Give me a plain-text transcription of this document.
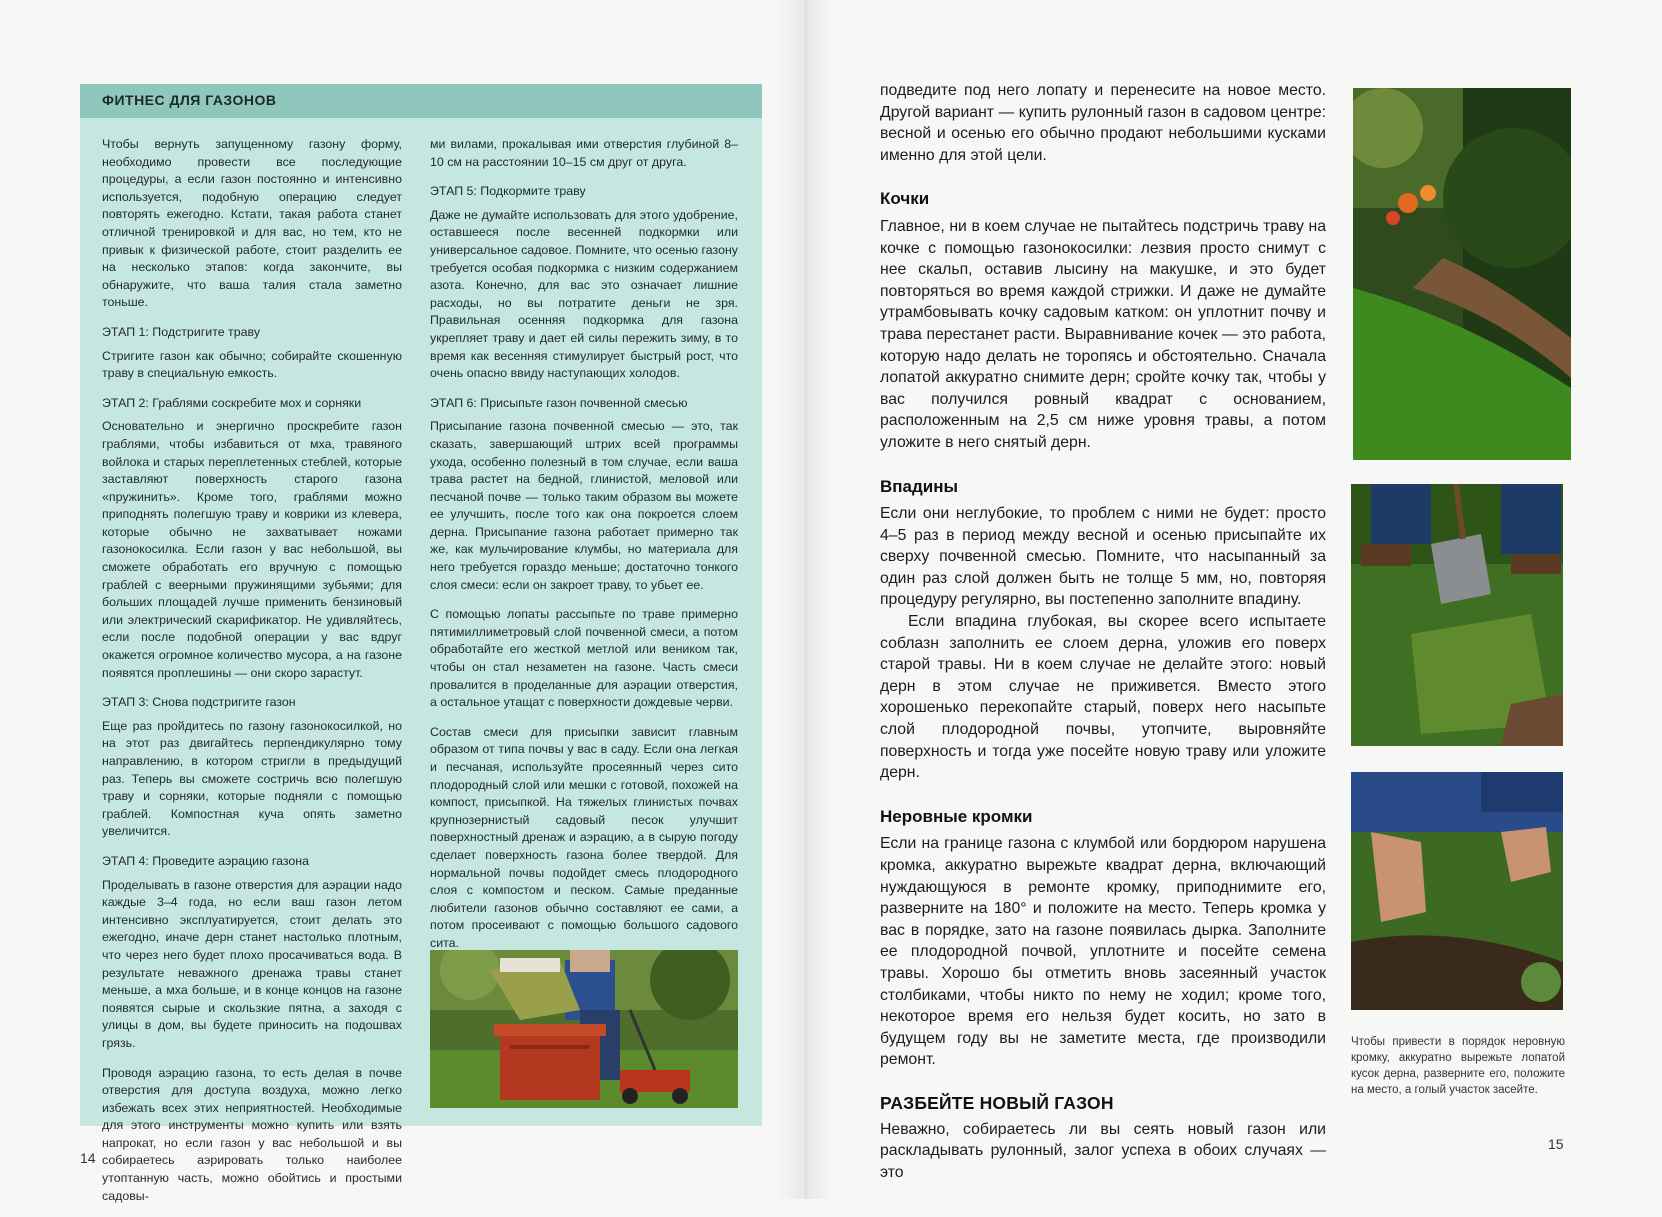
ФИТНЕС ДЛЯ ГАЗОНОВ

Чтобы вернуть запущенному газону форму, необходимо провести все последующие процедуры, а если газон постоянно и интенсивно используется, подобную операцию следует повторять ежегодно. Кстати, такая работа станет отличной тренировкой и для вас, но тем, кто не привык к физической работе, стоит разделить ее на несколько этапов: когда закончите, вы обнаружите, что ваша талия стала заметно тоньше.

ЭТАП 1: Подстригите траву

Стригите газон как обычно; собирайте скошенную траву в специальную емкость.

ЭТАП 2: Граблями соскребите мох и сорняки

Основательно и энергично прoскребите газон граблями, чтобы избавиться от мха, травяного войлока и старых переплетенных стеблей, которые заставляют поверхность старого газона «пружинить». Кроме того, граблями можно приподнять полегшую траву и коврики из клевера, которые обычно не захватывает ножами газонокосилка. Если газон у вас небольшой, вы сможете обработать его вручную с помощью граблей с веерными пружинящими зубьями; для больших площадей лучше применить бензиновый или электрический скарификатор. Не удивляйтесь, если после подобной операции у вас вдруг окажется огромное количество мусора, а на газоне появятся проплешины — они скоро зарастут.

ЭТАП 3: Снова подстригите газон

Еще раз пройдитесь по газону газонокосилкой, но на этот раз двигайтесь перпендикулярно тому направлению, в котором стригли в предыдущий раз. Теперь вы сможете состричь всю полегшую траву и сорняки, которые подняли с помощью граблей. Компостная куча опять заметно увеличится.

ЭТАП 4: Проведите аэрацию газона

Проделывать в газоне отверстия для аэрации надо каждые 3–4 года, но если ваш газон летом интенсивно эксплуатируется, стоит делать это ежегодно, иначе дерн станет настолько плотным, что через него будет плохо просачиваться вода. В результате неважного дренажа травы станет меньше, а мха больше, и в конце концов на газоне появятся сырые и скользкие пятна, а заходя с улицы в дом, вы будете приносить на подошвах грязь.

Проводя аэрацию газона, то есть делая в почве отверстия для доступа воздуха, можно легко избежать всех этих неприятностей. Необходимые для этого инструменты можно купить или взять напрокат, но если газон у вас небольшой и вы собираетесь аэрировать только наиболее утоптанную часть, можно обойтись и простыми садовы-

ми вилами, прокалывая ими отверстия глубиной 8–10 см на расстоянии 10–15 см друг от друга.

ЭТАП 5: Подкормите траву

Даже не думайте использовать для этого удобрение, оставшееся после весенней подкормки или универсальное садовое. Помните, что осенью газону требуется особая подкормка с низким содержанием азота. Конечно, для вас это означает лишние расходы, но вы потратите деньги не зря. Правильная осенняя подкормка для газона укрепляет траву и дает ей силы пережить зиму, в то время как весенняя стимулирует быстрый рост, что очень опасно ввиду наступающих холодов.

ЭТАП 6: Присыпьте газон почвенной смесью

Присыпание газона почвенной смесью — это, так сказать, завершающий штрих всей программы ухода, особенно полезный в том случае, если ваша трава растет на бедной, глинистой, меловой или песчаной почве — только таким образом вы можете ее улучшить, после того как она покроется слоем дерна. Присыпание газона работает примерно так же, как мульчирование клумбы, но материала для него требуется гораздо меньше; достаточно тонкого слоя смеси: если он закроет траву, то убьет ее.

С помощью лопаты рассыпьте по траве примерно пятимиллиметровый слой почвенной смеси, а потом обработайте его жесткой метлой или веником так, чтобы он стал незаметен на газоне. Часть смеси провалится в проделанные для аэрации отверстия, а остальное утащат с поверхности дождевые черви.

Состав смеси для присыпки зависит главным образом от типа почвы у вас в саду. Если она легкая и песчаная, используйте просеянный через сито плодородный слой или мешки с готовой, похожей на компост, присыпкой. На тяжелых глинистых почвах крупнозернистый садовый песок улучшит поверхностный дренаж и аэрацию, а в сырую погоду сделает поверхность газона более твердой. Для нормальной почвы подойдет смесь плодородного слоя с компостом и песком. Самые преданные любители газонов обычно составляют ее сами, а потом просеивают с помощью большого садового сита.

14

подведите под него лопату и перенесите на новое место. Другой вариант — купить рулонный газон в садовом центре: весной и осенью его обычно продают небольшими кусками именно для этой цели.

Кочки

Главное, ни в коем случае не пытайтесь подстричь траву на кочке с помощью газонокосилки: лезвия просто снимут с нее скальп, оставив лысину на макушке, и это будет повторяться во время каждой стрижки. И даже не думайте утрамбовывать кочку садовым катком: он уплотнит почву и трава перестанет расти. Выравнивание кочек — это работа, которую надо делать не торопясь и обстоятельно. Сначала лопатой аккуратно снимите дерн; сройте кочку так, чтобы у вас получился ровный квадрат с основанием, расположенным на 2,5 см ниже уровня травы, а потом уложите в него снятый дерн.

Впадины

Если они неглубокие, то проблем с ними не будет: просто 4–5 раз в период между весной и осенью присыпайте их сверху почвенной смесью. Помните, что насыпанный за один раз слой должен быть не толще 5 мм, но, повторяя процедуру регулярно, вы постепенно заполните впадину.

Если впадина глубокая, вы скорее всего испытаете соблазн заполнить ее слоем дерна, уложив его поверх старой травы. Ни в коем случае не делайте этого: новый дерн в этом случае не приживется. Вместо этого хорошенько перекопайте старый, поверх него насыпьте слой плодородной почвы, утопчите, выровняйте поверхность и тогда уже посейте новую траву или уложите дерн.

Неровные кромки

Если на границе газона с клумбой или бордюром нарушена кромка, аккуратно вырежьте квадрат дерна, включающий нуждающуюся в ремонте кромку, приподнимите его, разверните на 180° и положите на место. Теперь кромка у вас в порядке, зато на газоне появилась дырка. Заполните ее плодородной почвой, уплотните и посейте семена травы. Хорошо бы отметить вновь засеянный участок столбиками, чтобы никто по нему не ходил; кроме того, некоторое время его нельзя будет косить, но зато в будущем году вы не заметите места, где производили ремонт.

РАЗБЕЙТЕ НОВЫЙ ГАЗОН

Неважно, собираетесь ли вы сеять новый газон или раскладывать рулонный, залог успеха в обоих случаях — это

Чтобы привести в порядок неровную кромку, аккуратно вырежьте лопатой кусок дерна, разверните его, положите на место, а голый участок засейте.
15
